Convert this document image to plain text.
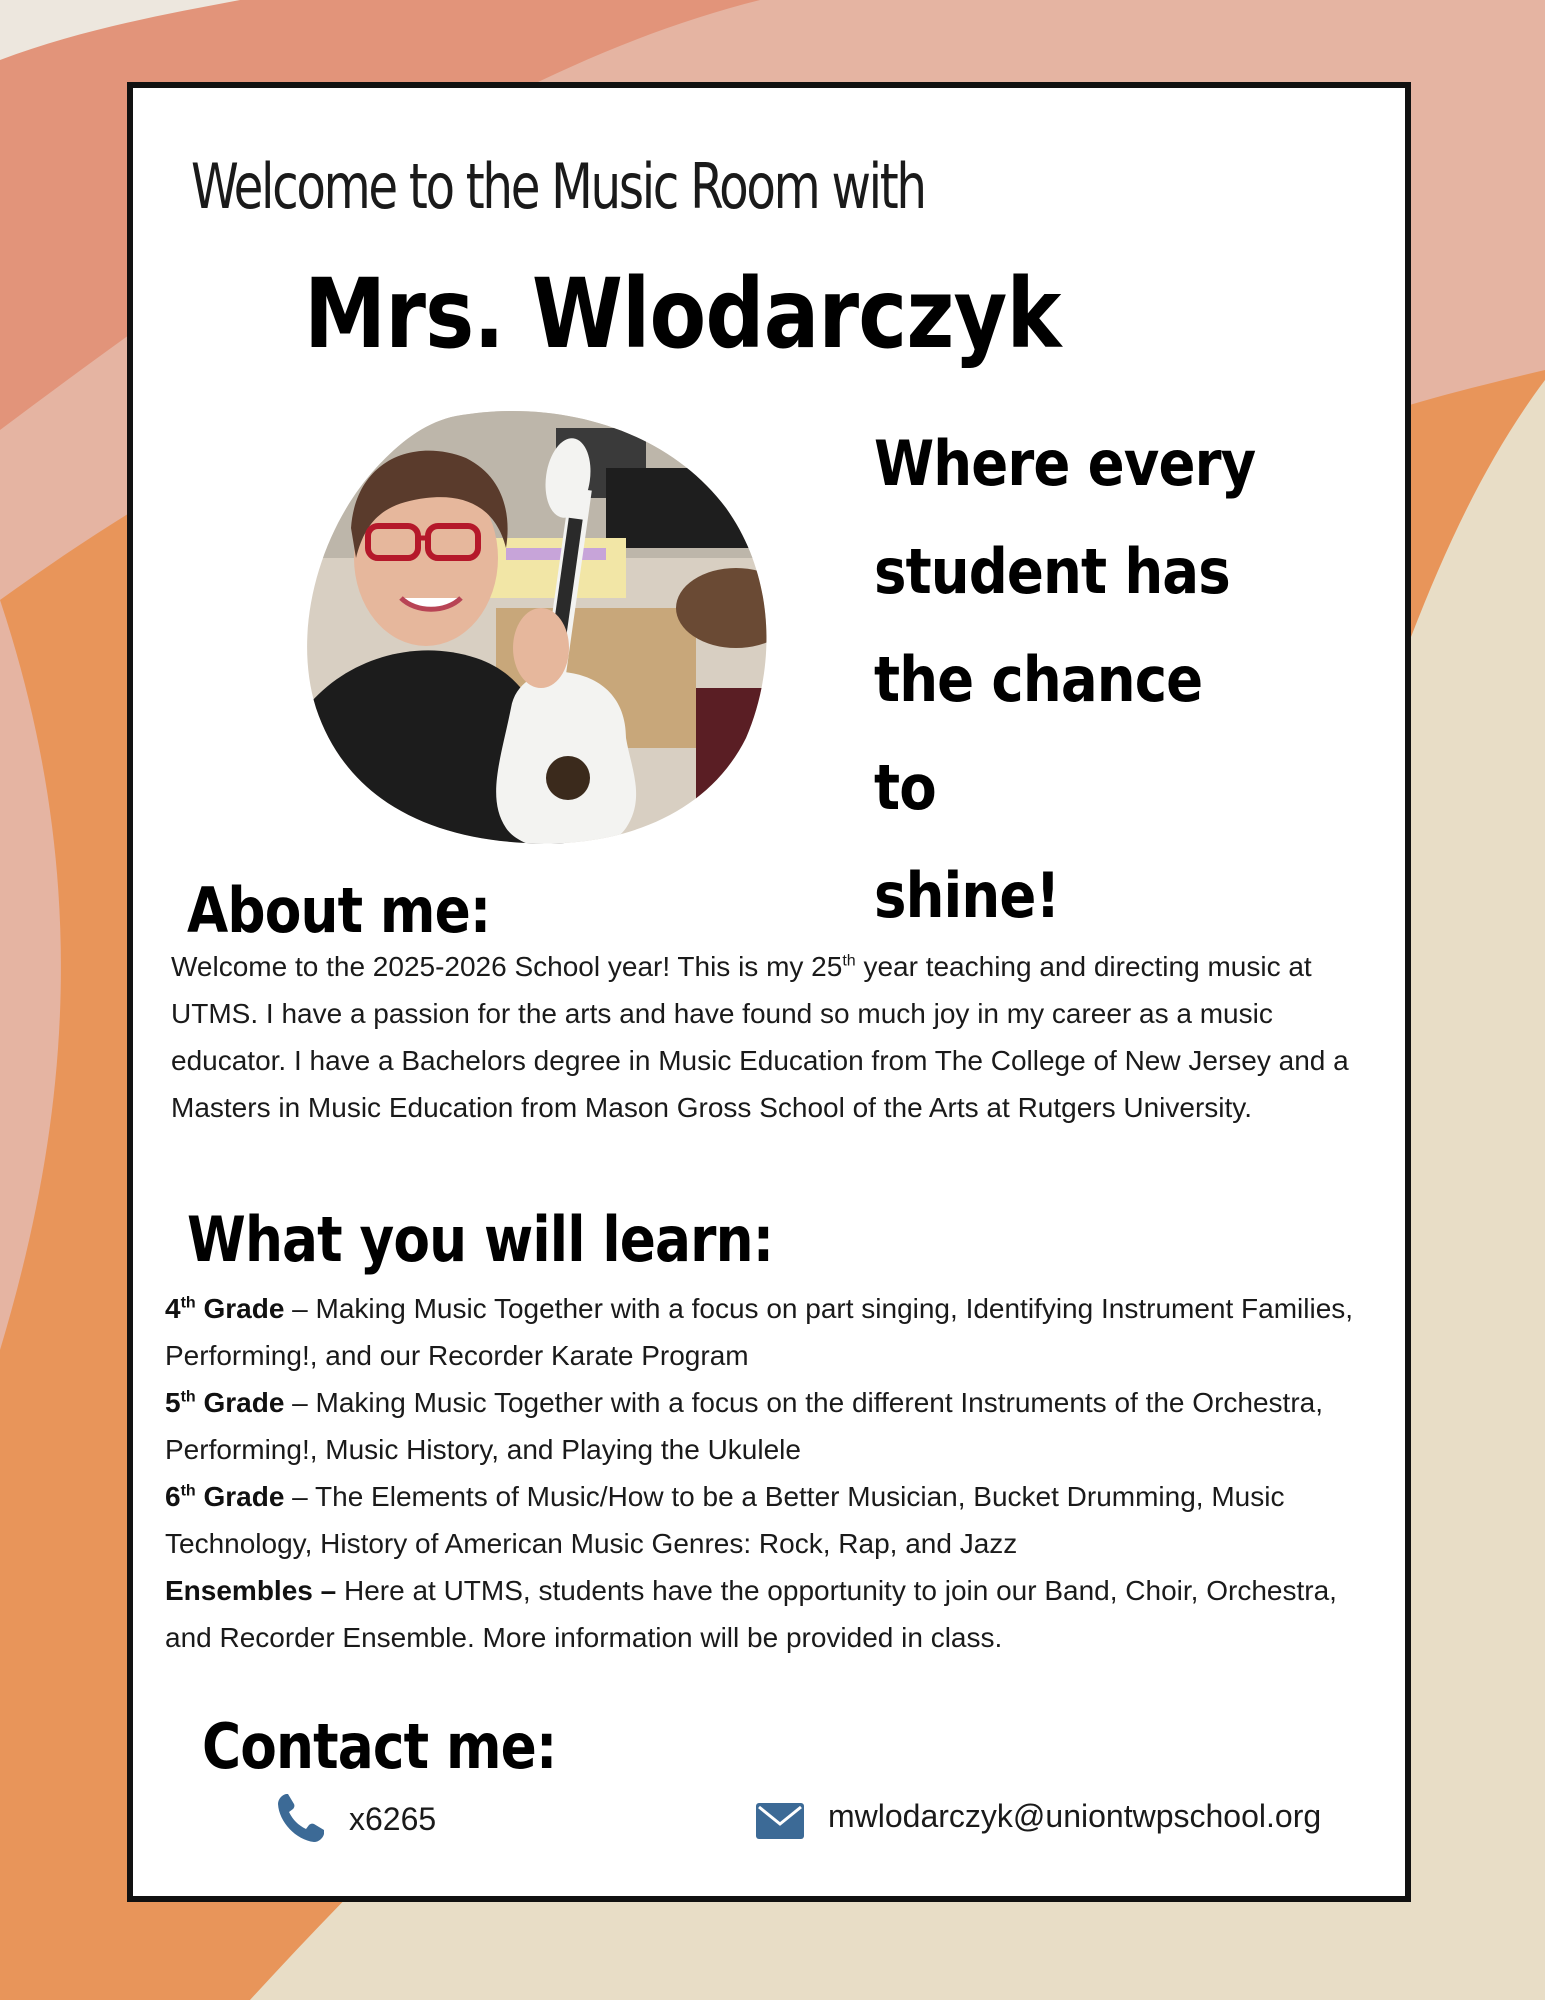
Welcome to the Music Room with
Mrs. Wlodarczyk
Where every
student has
the chance to
shine!
About me:

Welcome to the 2025-2026 School year! This is my 25th year teaching and directing music at UTMS. I have a passion for the arts and have found so much joy in my career as a music educator. I have a Bachelors degree in Music Education from The College of New Jersey and a Masters in Music Education from Mason Gross School of the Arts at Rutgers University.

What you will learn:

4th Grade – Making Music Together with a focus on part singing, Identifying Instrument Families, Performing!, and our Recorder Karate Program

5th Grade – Making Music Together with a focus on the different Instruments of the Orchestra, Performing!, Music History, and Playing the Ukulele

6th Grade – The Elements of Music/How to be a Better Musician, Bucket Drumming, Music Technology, History of American Music Genres: Rock, Rap, and Jazz

Ensembles – Here at UTMS, students have the opportunity to join our Band, Choir, Orchestra, and Recorder Ensemble. More information will be provided in class.

Contact me:
x6265	mwlodarczyk@uniontwpschool.org
